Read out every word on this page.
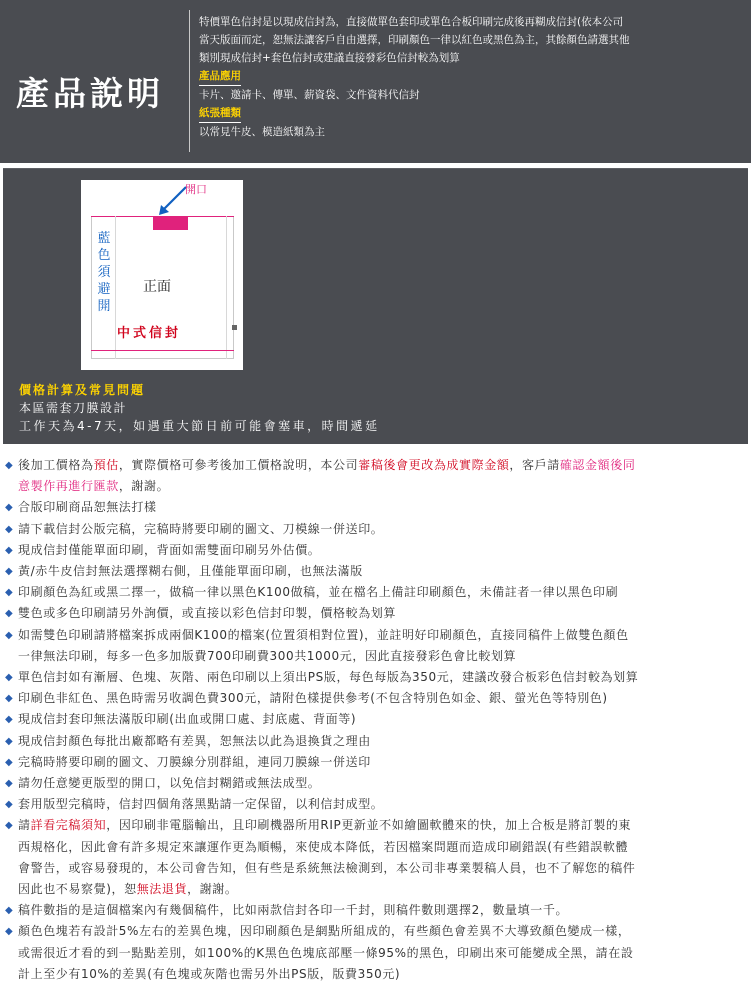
產品說明
特價單色信封是以現成信封為，直接做單色套印或單色合板印刷完成後再糊成信封(依本公司
當天版面而定，恕無法讓客戶自由選擇，印刷顏色一律以紅色或黑色為主，其餘顏色請選其他
類別現成信封+套色信封或建議直接發彩色信封較為划算
產品應用
卡片、邀請卡、傳單、薪資袋、文件資料代信封
紙張種類
以常見牛皮、模造紙類為主
開口
藍
色
須
避
開
正面
中式信封
價格計算及常見問題
本區需套刀膜設計
工作天為4-7天，如遇重大節日前可能會塞車，時間遞延
◆ 後加工價格為預估，實際價格可參考後加工價格說明，本公司審稿後會更改為成實際金額，客戶請確認金額後同
意製作再進行匯款，謝謝。
◆ 合版印刷商品恕無法打樣
◆ 請下載信封公版完稿，完稿時將要印刷的圖文、刀模線一併送印。
◆ 現成信封僅能單面印刷，背面如需雙面印刷另外估價。
◆ 黃/赤牛皮信封無法選擇糊右側，且僅能單面印刷，也無法滿版
◆ 印刷顏色為紅或黑二擇一，做稿一律以黑色K100做稿，並在檔名上備註印刷顏色，未備註者一律以黑色印刷
◆ 雙色或多色印刷請另外詢價，或直接以彩色信封印製，價格較為划算
◆ 如需雙色印刷請將檔案拆成兩個K100的檔案(位置須相對位置)，並註明好印刷顏色，直接同稿件上做雙色顏色
一律無法印刷，每多一色多加版費700印刷費300共1000元，因此直接發彩色會比較划算
◆ 單色信封如有漸層、色塊、灰階、兩色印刷以上須出PS版，每色每版為350元，建議改發合板彩色信封較為划算
◆ 印刷色非紅色、黑色時需另收調色費300元，請附色樣提供參考(不包含特別色如金、銀、螢光色等特別色)
◆ 現成信封套印無法滿版印刷(出血或開口處、封底處、背面等)
◆ 現成信封顏色每批出廠都略有差異，恕無法以此為退換貨之理由
◆ 完稿時將要印刷的圖文、刀膜線分別群組，連同刀膜線一併送印
◆ 請勿任意變更版型的開口，以免信封糊錯或無法成型。
◆ 套用版型完稿時，信封四個角落黑點請一定保留，以利信封成型。
◆ 請詳看完稿須知，因印刷非電腦輸出，且印刷機器所用RIP更新並不如繪圖軟體來的快，加上合板是將訂製的東
西規格化，因此會有許多規定來讓運作更為順暢，來使成本降低，若因檔案問題而造成印刷錯誤(有些錯誤軟體
會警告，或容易發現的，本公司會告知，但有些是系統無法檢測到，本公司非專業製稿人員，也不了解您的稿件
因此也不易察覺)，恕無法退貨，謝謝。
◆ 稿件數指的是這個檔案內有幾個稿件，比如兩款信封各印一千封，則稿件數則選擇2，數量填一千。
◆ 顏色色塊若有設計5%左右的差異色塊，因印刷顏色是網點所組成的，有些顏色會差異不大導致顏色變成一樣，
或需很近才看的到一點點差別，如100%的K黑色色塊底部壓一條95%的黑色，印刷出來可能變成全黑，請在設
計上至少有10%的差異(有色塊或灰階也需另外出PS版，版費350元)
